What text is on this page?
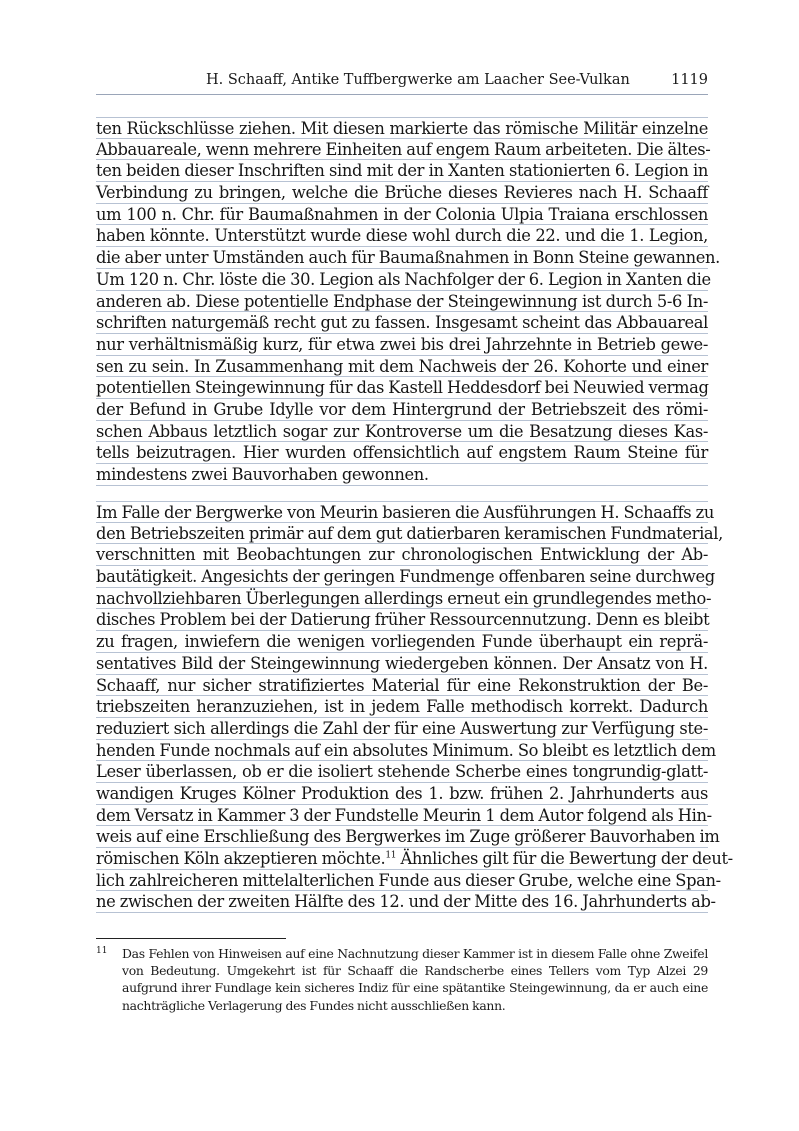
H. Schaaff, Antike Tuffbergwerke am Laacher See-Vulkan	1119
ten Rückschlüsse ziehen. Mit diesen markierte das römische Militär einzelne
Abbauareale, wenn mehrere Einheiten auf engem Raum arbeiteten. Die ältes-
ten beiden dieser Inschriften sind mit der in Xanten stationierten 6. Legion in
Verbindung zu bringen, welche die Brüche dieses Revieres nach H. Schaaff
um 100 n. Chr. für Baumaßnahmen in der Colonia Ulpia Traiana erschlossen
haben könnte. Unterstützt wurde diese wohl durch die 22. und die 1. Legion,
die aber unter Umständen auch für Baumaßnahmen in Bonn Steine gewannen.
Um 120 n. Chr. löste die 30. Legion als Nachfolger der 6. Legion in Xanten die
anderen ab. Diese potentielle Endphase der Steingewinnung ist durch 5-6 In-
schriften naturgemäß recht gut zu fassen. Insgesamt scheint das Abbauareal
nur verhältnismäßig kurz, für etwa zwei bis drei Jahrzehnte in Betrieb gewe-
sen zu sein. In Zusammenhang mit dem Nachweis der 26. Kohorte und einer
potentiellen Steingewinnung für das Kastell Heddesdorf bei Neuwied vermag
der Befund in Grube Idylle vor dem Hintergrund der Betriebszeit des römi-
schen Abbaus letztlich sogar zur Kontroverse um die Besatzung dieses Kas-
tells beizutragen. Hier wurden offensichtlich auf engstem Raum Steine für
mindestens zwei Bauvorhaben gewonnen.
Im Falle der Bergwerke von Meurin basieren die Ausführungen H. Schaaffs zu
den Betriebszeiten primär auf dem gut datierbaren keramischen Fundmaterial,
verschnitten mit Beobachtungen zur chronologischen Entwicklung der Ab-
bautätigkeit. Angesichts der geringen Fundmenge offenbaren seine durchweg
nachvollziehbaren Überlegungen allerdings erneut ein grundlegendes metho-
disches Problem bei der Datierung früher Ressourcennutzung. Denn es bleibt
zu fragen, inwiefern die wenigen vorliegenden Funde überhaupt ein reprä-
sentatives Bild der Steingewinnung wiedergeben können. Der Ansatz von H.
Schaaff, nur sicher stratifiziertes Material für eine Rekonstruktion der Be-
triebszeiten heranzuziehen, ist in jedem Falle methodisch korrekt. Dadurch
reduziert sich allerdings die Zahl der für eine Auswertung zur Verfügung ste-
henden Funde nochmals auf ein absolutes Minimum. So bleibt es letztlich dem
Leser überlassen, ob er die isoliert stehende Scherbe eines tongrundig-glatt-
wandigen Kruges Kölner Produktion des 1. bzw. frühen 2. Jahrhunderts aus
dem Versatz in Kammer 3 der Fundstelle Meurin 1 dem Autor folgend als Hin-
weis auf eine Erschließung des Bergwerkes im Zuge größerer Bauvorhaben im
römischen Köln akzeptieren möchte.$^{11}$ Ähnliches gilt für die Bewertung der deut-
lich zahlreicheren mittelalterlichen Funde aus dieser Grube, welche eine Span-
ne zwischen der zweiten Hälfte des 12. und der Mitte des 16. Jahrhunderts ab-
11 Das Fehlen von Hinweisen auf eine Nachnutzung dieser Kammer ist in diesem Falle ohne Zweifel von Bedeutung. Umgekehrt ist für Schaaff die Randscherbe eines Tellers vom Typ Alzei 29 aufgrund ihrer Fundlage kein sicheres Indiz für eine spätantike Steingewinnung, da er auch eine nachträgliche Verlagerung des Fundes nicht ausschließen kann.
